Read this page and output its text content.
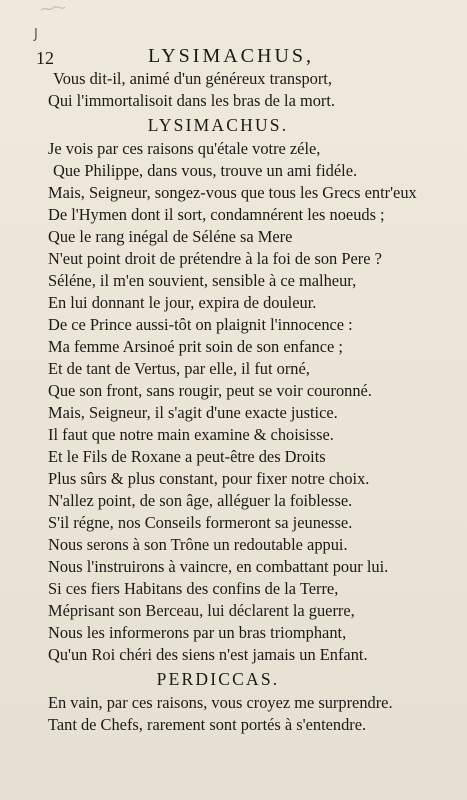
J
12	LYSIMACHUS,
Vous dit-il, animé d'un généreux transport,
Qui l'immortalisoit dans les bras de la mort.
LYSIMACHUS.
Je vois par ces raisons qu'étale votre zéle,
Que Philippe, dans vous, trouve un ami fidéle.
Mais, Seigneur, songez-vous que tous les Grecs entr'eux
De l'Hymen dont il sort, condamnérent les noeuds ;
Que le rang inégal de Séléne sa Mere
N'eut point droit de prétendre à la foi de son Pere ?
Séléne, il m'en souvient, sensible à ce malheur,
En lui donnant le jour, expira de douleur.
De ce Prince aussi-tôt on plaignit l'innocence :
Ma femme Arsinoé prit soin de son enfance ;
Et de tant de Vertus, par elle, il fut orné,
Que son front, sans rougir, peut se voir couronné.
Mais, Seigneur, il s'agit d'une exacte justice.
Il faut que notre main examine & choisisse.
Et le Fils de Roxane a peut-être des Droits
Plus sûrs & plus constant, pour fixer notre choix.
N'allez point, de son âge, alléguer la foiblesse.
S'il régne, nos Conseils formeront sa jeunesse.
Nous serons à son Trône un redoutable appui.
Nous l'instruirons à vaincre, en combattant pour lui.
Si ces fiers Habitans des confins de la Terre,
Méprisant son Berceau, lui déclarent la guerre,
Nous les informerons par un bras triomphant,
Qu'un Roi chéri des siens n'est jamais un Enfant.
PERDICCAS.
En vain, par ces raisons, vous croyez me surprendre.
Tant de Chefs, rarement sont portés à s'entendre.
